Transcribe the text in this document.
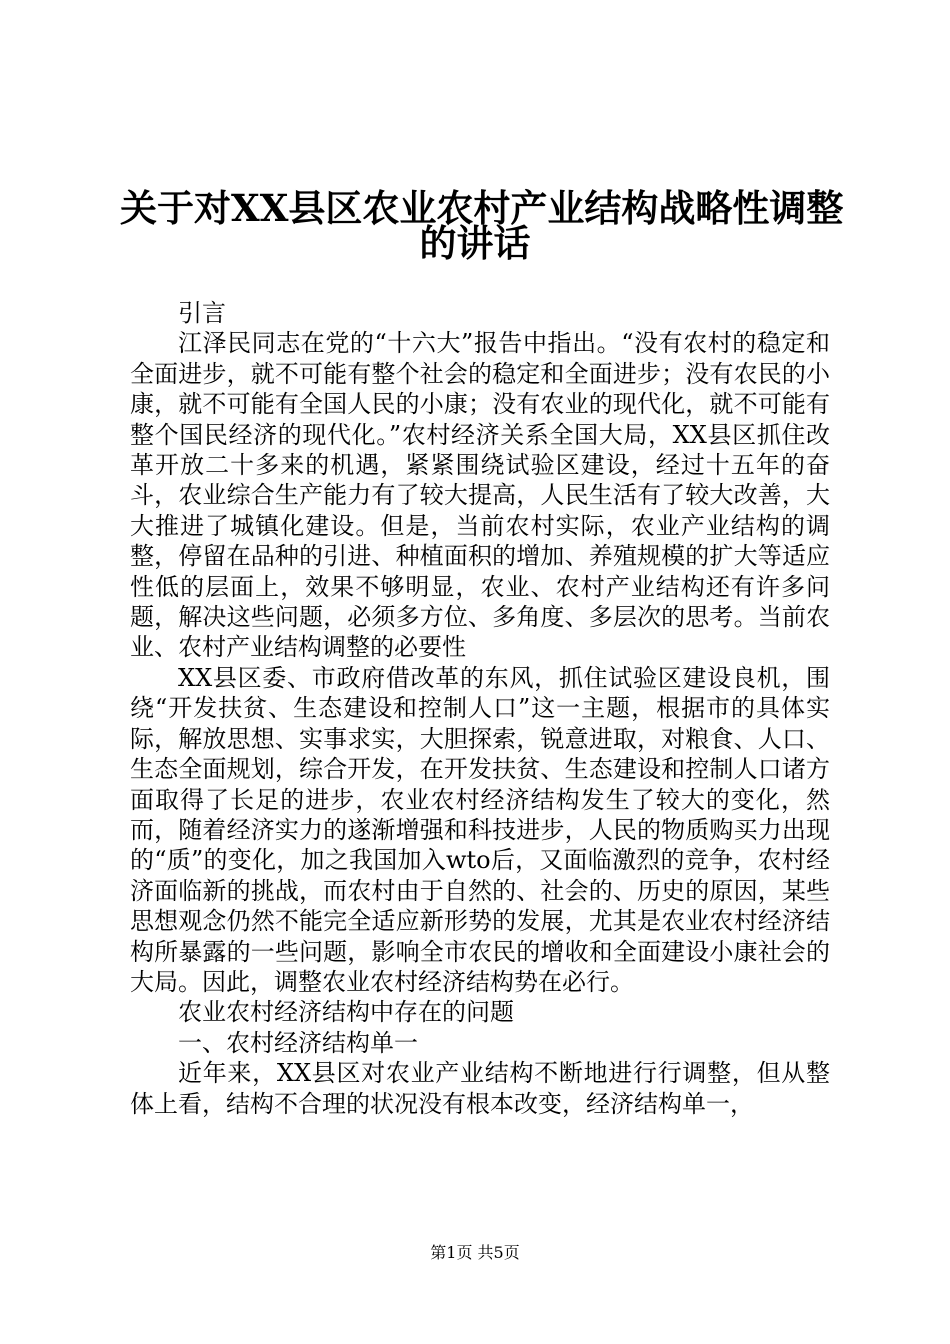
关于对XX县区农业农村产业结构战略性调整
的讲话

引言

江泽民同志在党的“十六大”报告中指出。“没有农村的稳定和全面进步，就不可能有整个社会的稳定和全面进步；没有农民的小康，就不可能有全国人民的小康；没有农业的现代化，就不可能有整个国民经济的现代化。”农村经济关系全国大局，XX县区抓住改革开放二十多来的机遇，紧紧围绕试验区建设，经过十五年的奋斗，农业综合生产能力有了较大提高，人民生活有了较大改善，大大推进了城镇化建设。但是，当前农村实际，农业产业结构的调整，停留在品种的引进、种植面积的增加、养殖规模的扩大等适应性低的层面上，效果不够明显，农业、农村产业结构还有许多问题，解决这些问题，必须多方位、多角度、多层次的思考。当前农业、农村产业结构调整的必要性

XX县区委、市政府借改革的东风，抓住试验区建设良机，围绕“开发扶贫、生态建设和控制人口”这一主题，根据市的具体实际，解放思想、实事求实，大胆探索，锐意进取，对粮食、人口、生态全面规划，综合开发，在开发扶贫、生态建设和控制人口诸方面取得了长足的进步，农业农村经济结构发生了较大的变化，然而，随着经济实力的遂渐增强和科技进步，人民的物质购买力出现的“质”的变化，加之我国加入wto后，又面临激烈的竞争，农村经济面临新的挑战，而农村由于自然的、社会的、历史的原因，某些思想观念仍然不能完全适应新形势的发展，尤其是农业农村经济结构所暴露的一些问题，影响全市农民的增收和全面建设小康社会的大局。因此，调整农业农村经济结构势在必行。

农业农村经济结构中存在的问题

一、农村经济结构单一

近年来，XX县区对农业产业结构不断地进行行调整，但从整体上看，结构不合理的状况没有根本改变，经济结构单一，

第1页 共5页
